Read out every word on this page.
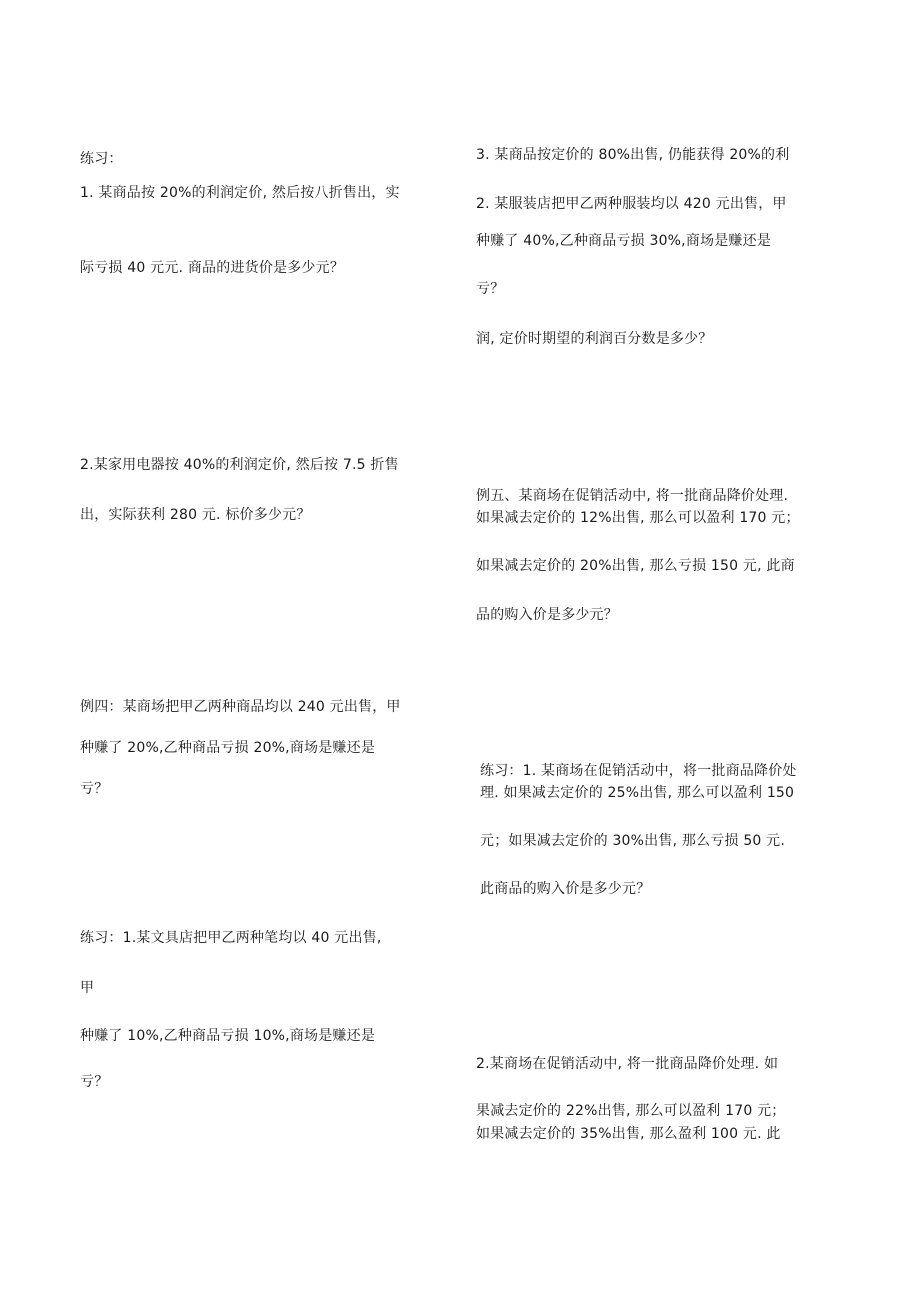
练习：
1. 某商品按 20%的利润定价, 然后按八折售出，实
际亏损 40 元元. 商品的进货价是多少元？
2.某家用电器按 40%的利润定价, 然后按 7.5 折售
出，实际获利 280 元. 标价多少元？
例四：某商场把甲乙两种商品均以 240 元出售，甲
种赚了 20%,乙种商品亏损 20%,商场是赚还是
亏？
练习：1.某文具店把甲乙两种笔均以 40 元出售,
甲
种赚了 10%,乙种商品亏损 10%,商场是赚还是
亏？
3. 某商品按定价的 80%出售, 仍能获得 20%的利
2. 某服装店把甲乙两种服装均以 420 元出售，甲
种赚了 40%,乙种商品亏损 30%,商场是赚还是
亏？
润, 定价时期望的利润百分数是多少？
例五、某商场在促销活动中, 将一批商品降价处理.
如果减去定价的 12%出售, 那么可以盈利 170 元；
如果减去定价的 20%出售, 那么亏损 150 元, 此商
品的购入价是多少元？
练习：1. 某商场在促销活动中，将一批商品降价处
理. 如果减去定价的 25%出售, 那么可以盈利 150
元；如果减去定价的 30%出售, 那么亏损 50 元.
此商品的购入价是多少元？
2.某商场在促销活动中, 将一批商品降价处理. 如
果减去定价的 22%出售, 那么可以盈利 170 元；
如果减去定价的 35%出售, 那么盈利 100 元. 此
